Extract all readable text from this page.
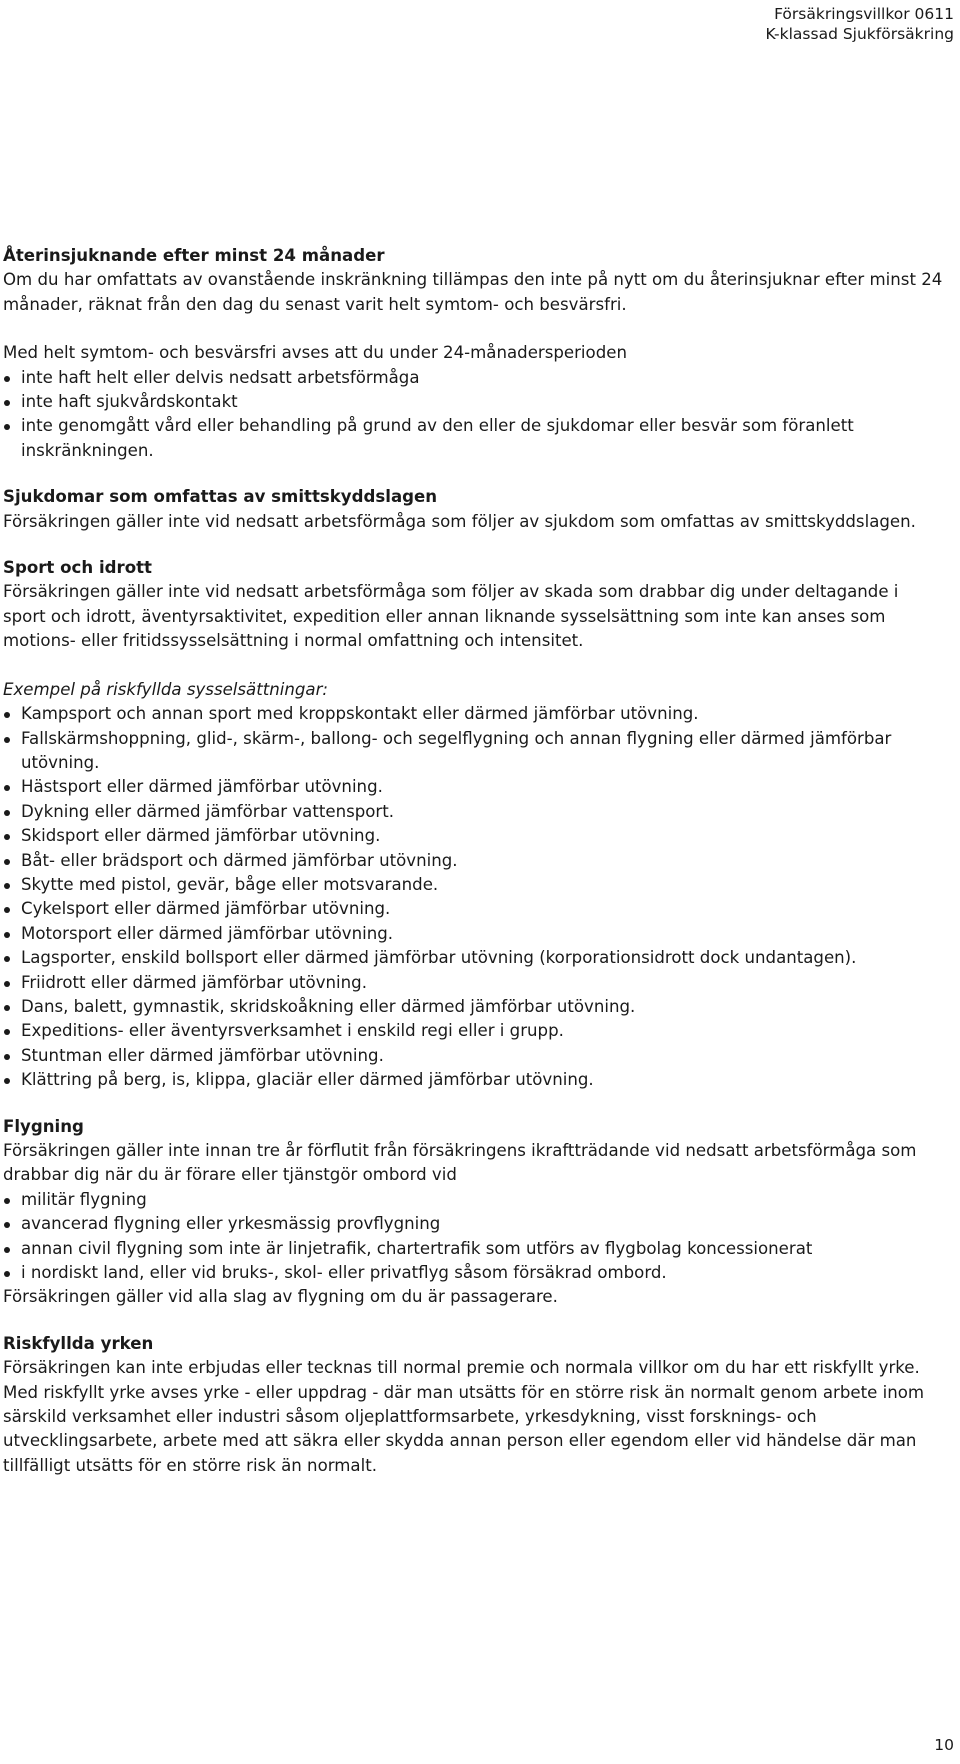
Försäkringsvillkor 0611
K-klassad Sjukförsäkring
Återinsjuknande efter minst 24 månader

Om du har omfattats av ovanstående inskränkning tillämpas den inte på nytt om du återinsjuknar efter minst 24 månader, räknat från den dag du senast varit helt symtom- och besvärsfri.

Med helt symtom- och besvärsfri avses att du under 24-månadersperioden

inte haft helt eller delvis nedsatt arbetsförmåga
inte haft sjukvårdskontakt
inte genomgått vård eller behandling på grund av den eller de sjukdomar eller besvär som föranlett inskränkningen.
Sjukdomar som omfattas av smittskyddslagen

Försäkringen gäller inte vid nedsatt arbetsförmåga som följer av sjukdom som omfattas av smittskyddslagen.

Sport och idrott

Försäkringen gäller inte vid nedsatt arbetsförmåga som följer av skada som drabbar dig under deltagande i sport och idrott, äventyrsaktivitet, expedition eller annan liknande sysselsättning som inte kan anses som motions- eller fritidssysselsättning i normal omfattning och intensitet.

Exempel på riskfyllda sysselsättningar:

Kampsport och annan sport med kroppskontakt eller därmed jämförbar utövning.
Fallskärmshoppning, glid-, skärm-, ballong- och segelflygning och annan flygning eller därmed jämförbar utövning.
Hästsport eller därmed jämförbar utövning.
Dykning eller därmed jämförbar vattensport.
Skidsport eller därmed jämförbar utövning.
Båt- eller brädsport och därmed jämförbar utövning.
Skytte med pistol, gevär, båge eller motsvarande.
Cykelsport eller därmed jämförbar utövning.
Motorsport eller därmed jämförbar utövning.
Lagsporter, enskild bollsport eller därmed jämförbar utövning (korporationsidrott dock undantagen).
Friidrott eller därmed jämförbar utövning.
Dans, balett, gymnastik, skridskoåkning eller därmed jämförbar utövning.
Expeditions- eller äventyrsverksamhet i enskild regi eller i grupp.
Stuntman eller därmed jämförbar utövning.
Klättring på berg, is, klippa, glaciär eller därmed jämförbar utövning.
Flygning

Försäkringen gäller inte innan tre år förflutit från försäkringens ikraftträdande vid nedsatt arbetsförmåga som drabbar dig när du är förare eller tjänstgör ombord vid

militär flygning
avancerad flygning eller yrkesmässig provflygning
annan civil flygning som inte är linjetrafik, chartertrafik som utförs av flygbolag koncessionerat
i nordiskt land, eller vid bruks-, skol- eller privatflyg såsom försäkrad ombord.

Försäkringen gäller vid alla slag av flygning om du är passagerare.

Riskfyllda yrken

Försäkringen kan inte erbjudas eller tecknas till normal premie och normala villkor om du har ett riskfyllt yrke. Med riskfyllt yrke avses yrke - eller uppdrag - där man utsätts för en större risk än normalt genom arbete inom särskild verksamhet eller industri såsom oljeplattformsarbete, yrkesdykning, visst forsknings- och utvecklingsarbete, arbete med att säkra eller skydda annan person eller egendom eller vid händelse där man tillfälligt utsätts för en större risk än normalt.

10
